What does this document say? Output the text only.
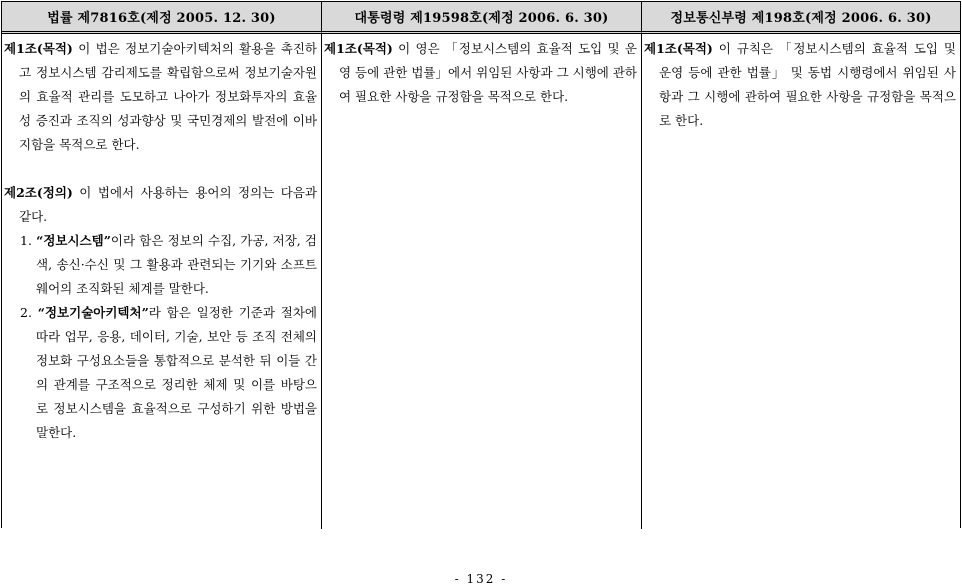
법률 제7816호(제정 2005. 12. 30)	대통령령 제19598호(제정 2006. 6. 30)	정보통신부령 제198호(제정 2006. 6. 30)
제1조(목적) 이 법은 정보기술아키텍처의 활용을 촉진하고 정보시스템 감리제도를 확립함으로써 정보기술자원의 효율적 관리를 도모하고 나아가 정보화투자의 효율성 증진과 조직의 성과향상 및 국민경제의 발전에 이바지함을 목적으로 한다.
제2조(정의) 이 법에서 사용하는 용어의 정의는 다음과 같다.
1. “정보시스템”이라 함은 정보의 수집, 가공, 저장, 검색, 송신·수신 및 그 활용과 관련되는 기기와 소프트웨어의 조직화된 체계를 말한다.
2. “정보기술아키텍처”라 함은 일정한 기준과 절차에 따라 업무, 응용, 데이터, 기술, 보안 등 조직 전체의 정보화 구성요소들을 통합적으로 분석한 뒤 이들 간의 관계를 구조적으로 정리한 체제 및 이를 바탕으로 정보시스템을 효율적으로 구성하기 위한 방법을 말한다.
제1조(목적) 이 영은 「정보시스템의 효율적 도입 및 운영 등에 관한 법률」에서 위임된 사항과 그 시행에 관하여 필요한 사항을 규정함을 목적으로 한다.
제1조(목적) 이 규칙은 「정보시스템의 효율적 도입 및 운영 등에 관한 법률」 및 동법 시행령에서 위임된 사항과 그 시행에 관하여 필요한 사항을 규정함을 목적으로 한다.
- 132 -
